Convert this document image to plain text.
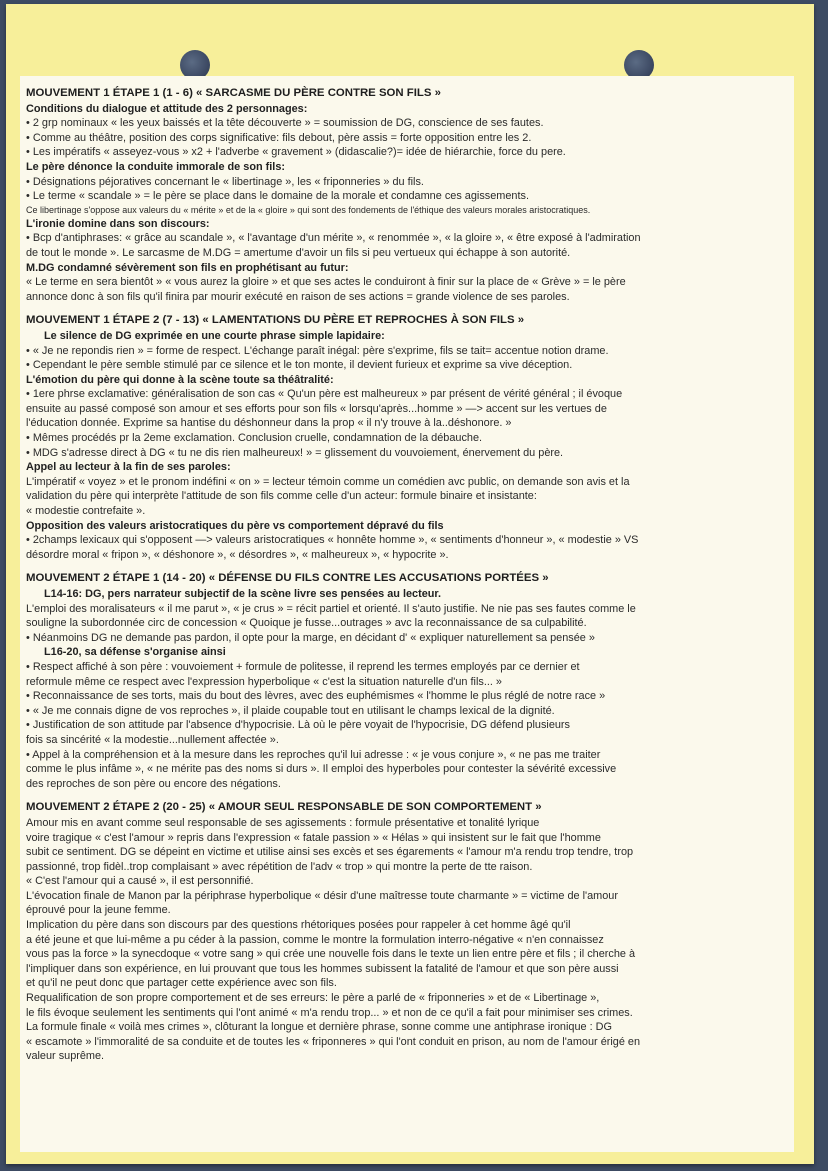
MOUVEMENT 1 ÉTAPE 1 (1 - 6) « SARCASME DU PÈRE CONTRE SON FILS »
Conditions du dialogue et attitude des 2 personnages:
• 2 grp nominaux « les yeux baissés et la tête découverte » = soumission de DG, conscience de ses fautes.
• Comme au théâtre, position des corps significative: fils debout, père assis = forte opposition entre les 2.
• Les impératifs « asseyez-vous » x2 + l'adverbe « gravement » (didascalie?)= idée de hiérarchie, force du pere.
Le père dénonce la conduite immorale de son fils:
• Désignations péjoratives concernant le « libertinage », les « friponneries » du fils.
• Le terme « scandale » = le père se place dans le domaine de la morale et condamne ces agissements.
Ce libertinage s'oppose aux valeurs du « mérite » et de la « gloire » qui sont des fondements de l'éthique des valeurs morales aristocratiques.
L'ironie domine dans son discours:
• Bcp d'antiphrases: « grâce au scandale », « l'avantage d'un mérite », « renommée », « la gloire », « être exposé à l'admiration
de tout le monde ». Le sarcasme de M.DG = amertume d'avoir un fils si peu vertueux qui échappe à son autorité.
M.DG condamné sévèrement son fils en prophétisant au futur:
« Le terme en sera bientôt » « vous aurez la gloire » et que ses actes le conduiront à finir sur la place de « Grève » = le père
annonce donc à son fils qu'il finira par mourir exécuté en raison de ses actions = grande violence de ses paroles.
MOUVEMENT 1 ÉTAPE 2 (7 - 13) « LAMENTATIONS DU PÈRE ET REPROCHES À SON FILS »
Le silence de DG exprimée en une courte phrase simple lapidaire:
• « Je ne repondis rien » = forme de respect. L'échange paraît inégal: père s'exprime, fils se tait= accentue notion drame.
• Cependant le père semble stimulé par ce silence et le ton monte, il devient furieux et exprime sa vive déception.
L'émotion du père qui donne à la scène toute sa théâtralité:
• 1ere phrse exclamative: généralisation de son cas « Qu'un père est malheureux » par présent de vérité général ; il évoque
ensuite au passé composé son amour et ses efforts pour son fils « lorsqu'après...homme » —> accent sur les vertues de
l'éducation donnée. Exprime sa hantise du déshonneur dans la prop « il n'y trouve à la..déshonore. »
• Mêmes procédés pr la 2eme exclamation. Conclusion cruelle, condamnation de la débauche.
• MDG s'adresse direct à DG « tu ne dis rien malheureux! » = glissement du vouvoiement, énervement du père.
Appel au lecteur à la fin de ses paroles:
L'impératif « voyez » et le pronom indéfini « on » = lecteur témoin comme un comédien avc public, on demande son avis et la
validation du père qui interprète l'attitude de son fils comme celle d'un acteur: formule binaire et insistante:
« modestie contrefaite ».
Opposition des valeurs aristocratiques du père vs comportement dépravé du fils
• 2champs lexicaux qui s'opposent —> valeurs aristocratiques « honnête homme », « sentiments d'honneur », « modestie » VS
désordre moral « fripon », « déshonore », « désordres », « malheureux », « hypocrite ».
MOUVEMENT 2 ÉTAPE 1 (14 - 20) « DÉFENSE DU FILS CONTRE LES ACCUSATIONS PORTÉES »
L14-16: DG, pers narrateur subjectif de la scène livre ses pensées au lecteur.
L'emploi des moralisateurs « il me parut », « je crus » = récit partiel et orienté. Il s'auto justifie. Ne nie pas ses fautes comme le
souligne la subordonnée circ de concession « Quoique je fusse...outrages » avc la reconnaissance de sa culpabilité.
• Néanmoins DG ne demande pas pardon, il opte pour la marge, en décidant d' « expliquer naturellement sa pensée »
L16-20, sa défense s'organise ainsi
• Respect affiché à son père : vouvoiement + formule de politesse, il reprend les termes employés par ce dernier et
reformule même ce respect avec l'expression hyperbolique « c'est la situation naturelle d'un fils... »
• Reconnaissance de ses torts, mais du bout des lèvres, avec des euphémismes « l'homme le plus réglé de notre race »
• « Je me connais digne de vos reproches », il plaide coupable tout en utilisant le champs lexical de la dignité.
• Justification de son attitude par l'absence d'hypocrisie. Là où le père voyait de l'hypocrisie, DG défend plusieurs
fois sa sincérité « la modestie...nullement affectée ».
• Appel à la compréhension et à la mesure dans les reproches qu'il lui adresse : « je vous conjure », « ne pas me traiter
comme le plus infâme », « ne mérite pas des noms si durs ». Il emploi des hyperboles pour contester la sévérité excessive
des reproches de son père ou encore des négations.
MOUVEMENT 2 ÉTAPE 2 (20 - 25) « AMOUR SEUL RESPONSABLE DE SON COMPORTEMENT »
Amour mis en avant comme seul responsable de ses agissements : formule présentative et tonalité lyrique
voire tragique « c'est l'amour » repris dans l'expression « fatale passion » « Hélas » qui insistent sur le fait que l'homme
subit ce sentiment. DG se dépeint en victime et utilise ainsi ses excès et ses égarements « l'amour m'a rendu trop tendre, trop
passionné, trop fidèl..trop complaisant » avec répétition de l'adv « trop » qui montre la perte de tte raison.
« C'est l'amour qui a causé », il est personnifié.
L'évocation finale de Manon par la périphrase hyperbolique « désir d'une maîtresse toute charmante » = victime de l'amour
éprouvé pour la jeune femme.
Implication du père dans son discours par des questions rhétoriques posées pour rappeler à cet homme âgé qu'il
a été jeune et que lui-même a pu céder à la passion, comme le montre la formulation interro-négative « n'en connaissez
vous pas la force » la synecdoque « votre sang » qui crée une nouvelle fois dans le texte un lien entre père et fils ; il cherche à
l'impliquer dans son expérience, en lui prouvant que tous les hommes subissent la fatalité de l'amour et que son père aussi
et qu'il ne peut donc que partager cette expérience avec son fils.
Requalification de son propre comportement et de ses erreurs: le père a parlé de « friponneries » et de « Libertinage »,
le fils évoque seulement les sentiments qui l'ont animé « m'a rendu trop... » et non de ce qu'il a fait pour minimiser ses crimes.
La formule finale « voilà mes crimes », clôturant la longue et dernière phrase, sonne comme une antiphrase ironique : DG
« escamote » l'immoralité de sa conduite et de toutes les « friponneres » qui l'ont conduit en prison, au nom de l'amour érigé en
valeur suprême.
